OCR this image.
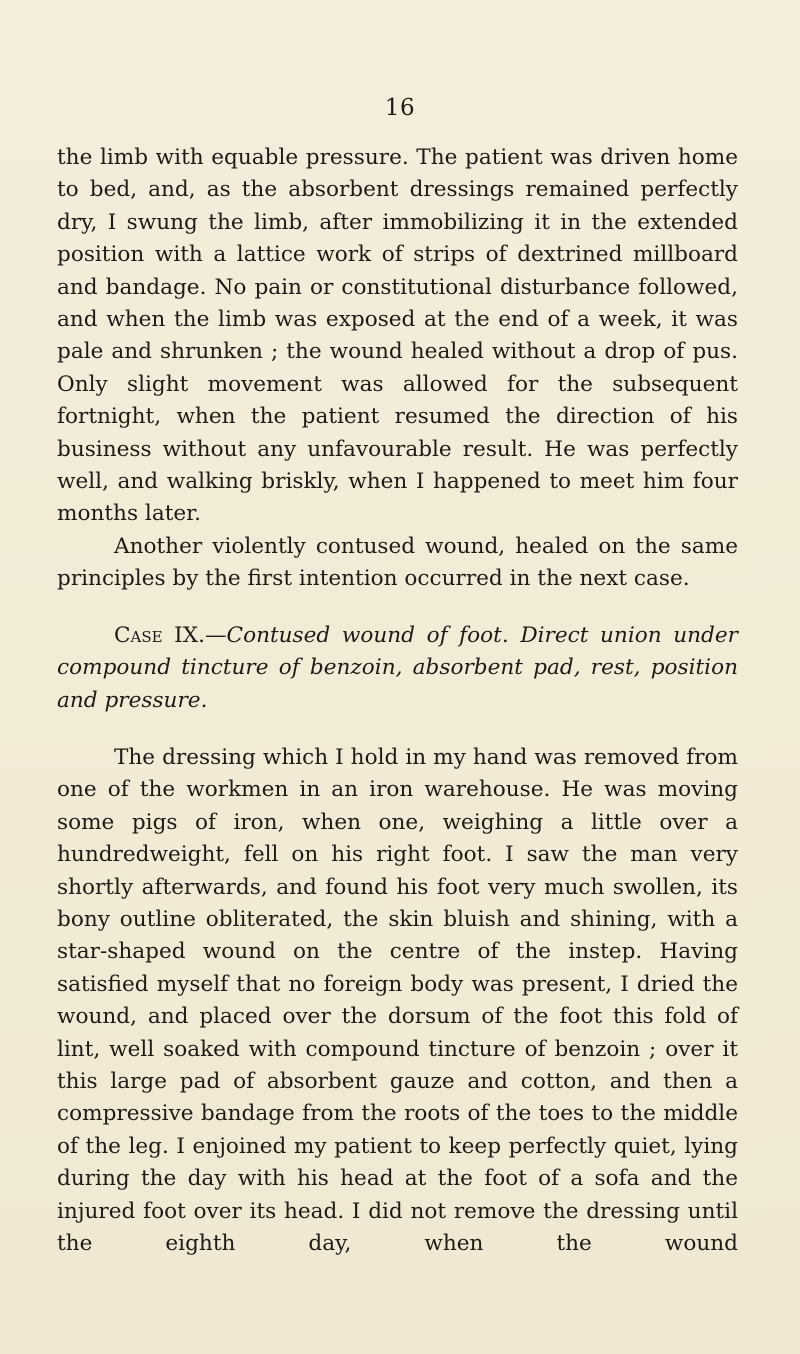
16

the limb with equable pressure. The patient was driven home to bed, and, as the absorbent dressings remained perfectly dry, I swung the limb, after immobilizing it in the extended position with a lattice work of strips of dextrined millboard and bandage. No pain or constitutional disturbance followed, and when the limb was exposed at the end of a week, it was pale and shrunken ; the wound healed without a drop of pus. Only slight movement was allowed for the subsequent fortnight, when the patient resumed the direction of his business without any unfavourable result. He was perfectly well, and walking briskly, when I happened to meet him four months later.

Another violently contused wound, healed on the same principles by the first intention occurred in the next case.

Case IX.—Contused wound of foot. Direct union under compound tincture of benzoin, absorbent pad, rest, position and pressure.

The dressing which I hold in my hand was removed from one of the workmen in an iron warehouse. He was moving some pigs of iron, when one, weighing a little over a hundredweight, fell on his right foot. I saw the man very shortly afterwards, and found his foot very much swollen, its bony outline obliterated, the skin bluish and shining, with a star-shaped wound on the centre of the instep. Having satisfied myself that no foreign body was present, I dried the wound, and placed over the dorsum of the foot this fold of lint, well soaked with compound tincture of benzoin ; over it this large pad of absorbent gauze and cotton, and then a compressive bandage from the roots of the toes to the middle of the leg. I enjoined my patient to keep perfectly quiet, lying during the day with his head at the foot of a sofa and the injured foot over its head. I did not remove the dressing until the eighth day, when the wound
